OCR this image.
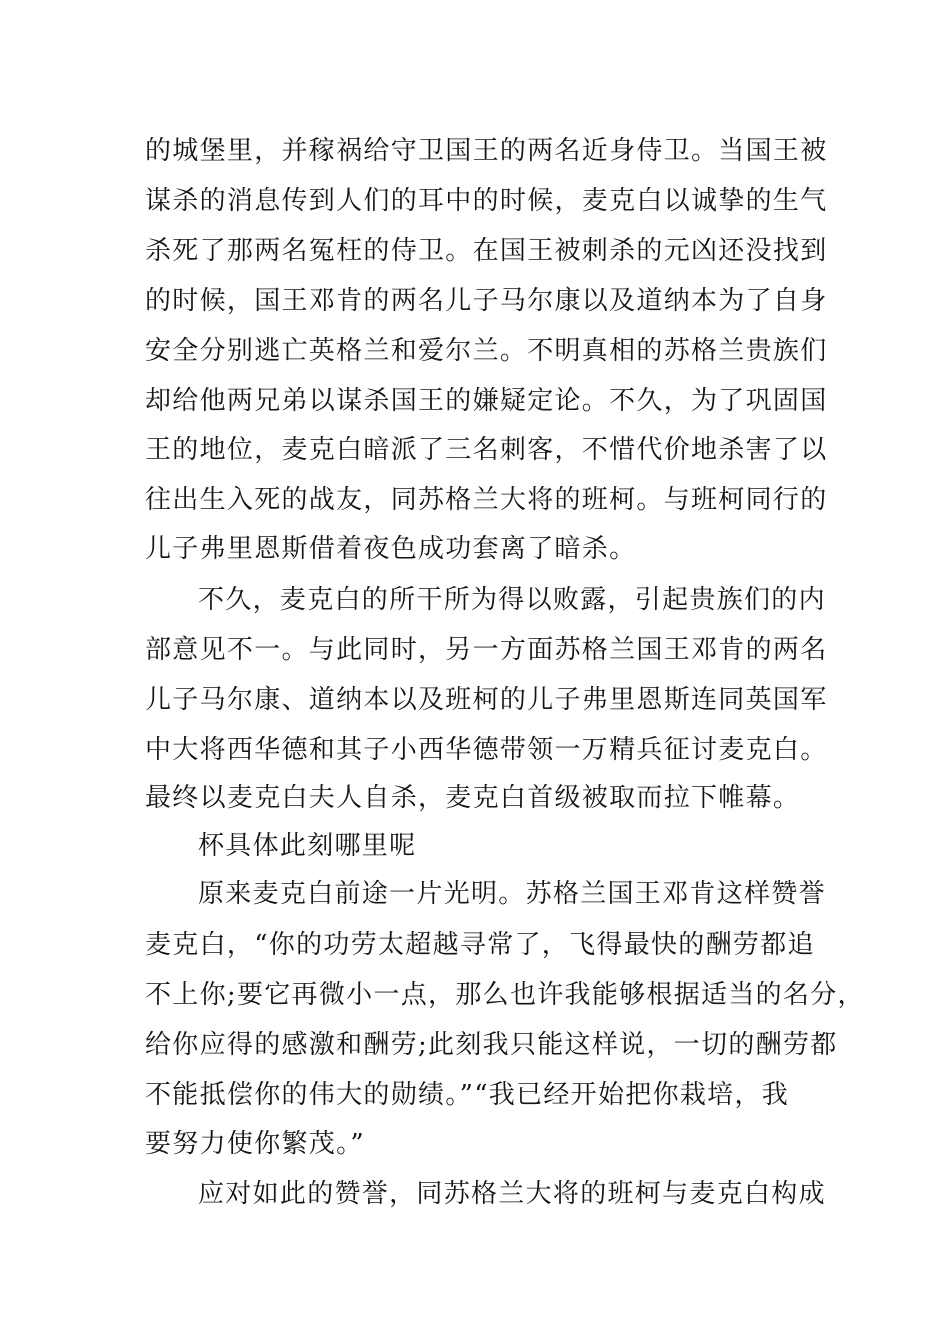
的城堡里，并稼祸给守卫国王的两名近身侍卫。当国王被
谋杀的消息传到人们的耳中的时候，麦克白以诚挚的生气
杀死了那两名冤枉的侍卫。在国王被刺杀的元凶还没找到
的时候，国王邓肯的两名儿子马尔康以及道纳本为了自身
安全分别逃亡英格兰和爱尔兰。不明真相的苏格兰贵族们
却给他两兄弟以谋杀国王的嫌疑定论。不久，为了巩固国
王的地位，麦克白暗派了三名刺客，不惜代价地杀害了以
往出生入死的战友，同苏格兰大将的班柯。与班柯同行的
儿子弗里恩斯借着夜色成功套离了暗杀。
不久，麦克白的所干所为得以败露，引起贵族们的内
部意见不一。与此同时，另一方面苏格兰国王邓肯的两名
儿子马尔康、道纳本以及班柯的儿子弗里恩斯连同英国军
中大将西华德和其子小西华德带领一万精兵征讨麦克白。
最终以麦克白夫人自杀，麦克白首级被取而拉下帷幕。
杯具体此刻哪里呢
原来麦克白前途一片光明。苏格兰国王邓肯这样赞誉
麦克白，“你的功劳太超越寻常了，飞得最快的酬劳都追
不上你;要它再微小一点，那么也许我能够根据适当的名分，
给你应得的感激和酬劳;此刻我只能这样说，一切的酬劳都
不能抵偿你的伟大的勋绩。”“我已经开始把你栽培，我
要努力使你繁茂。”
应对如此的赞誉，同苏格兰大将的班柯与麦克白构成
